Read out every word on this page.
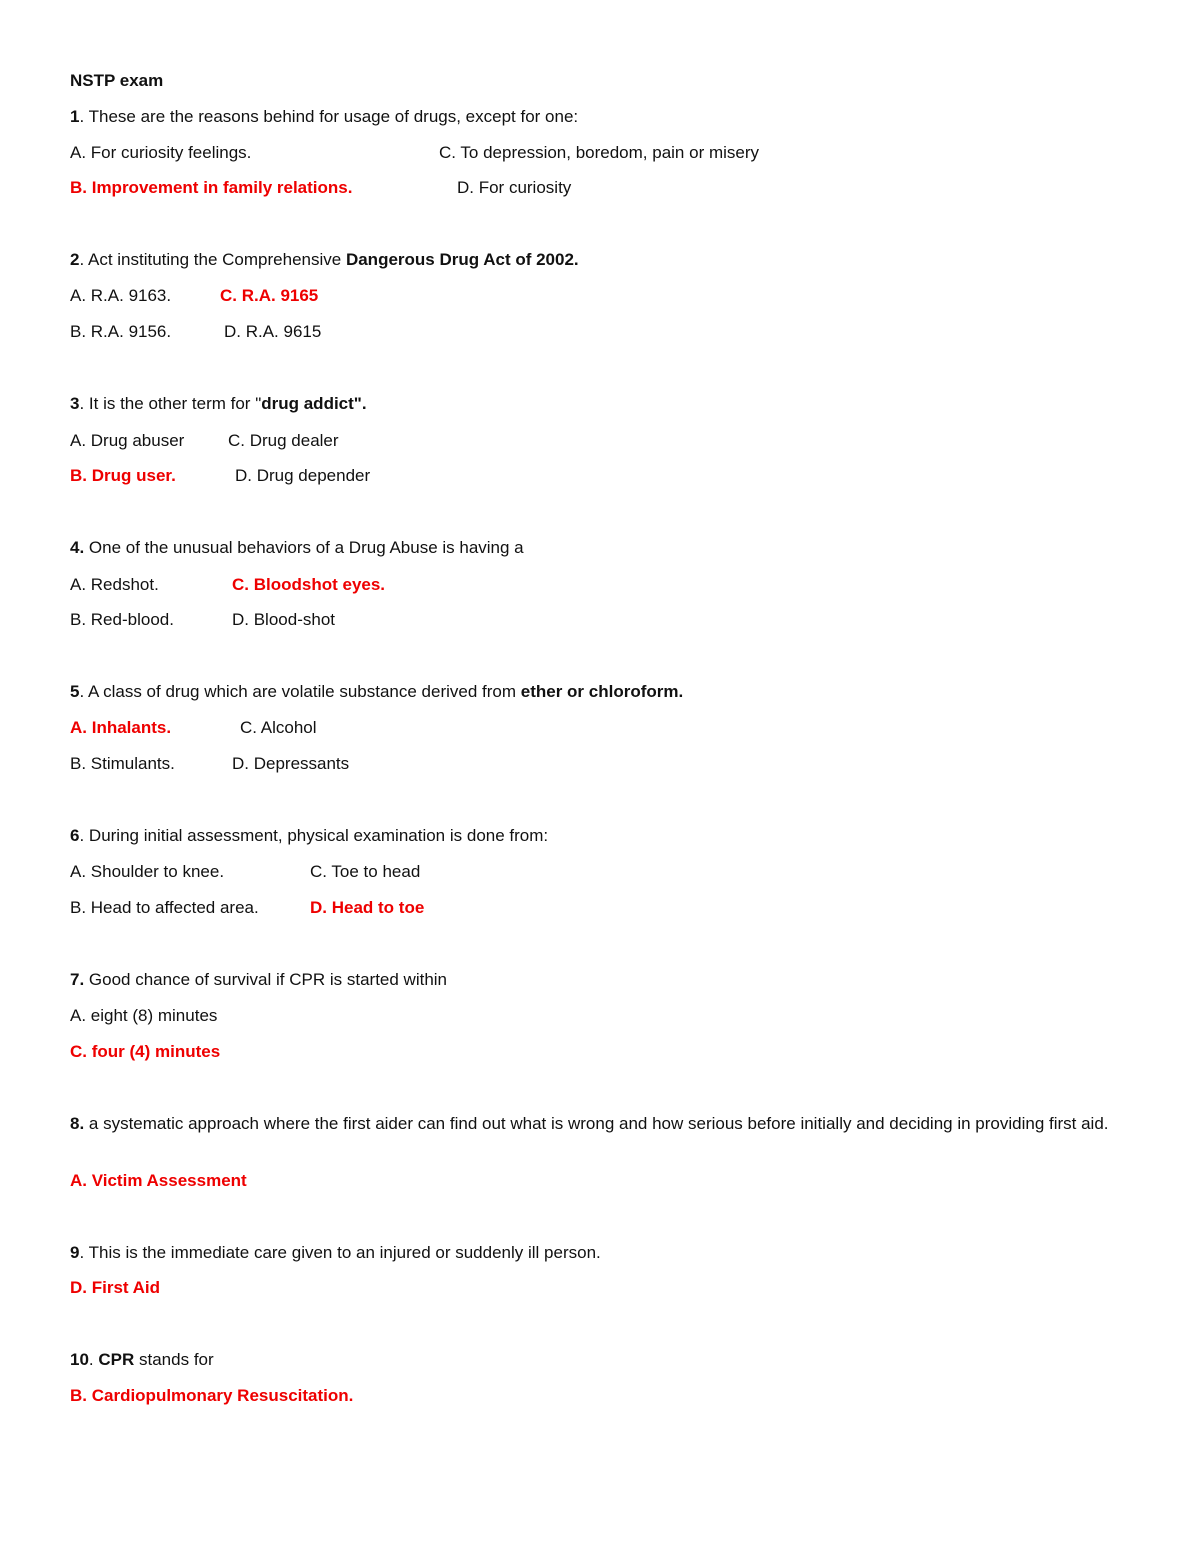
NSTP exam
1. These are the reasons behind for usage of drugs, except for one:
A. For curiosity feelings.	C. To depression, boredom, pain or misery
B. Improvement in family relations.	D. For curiosity
2. Act instituting the Comprehensive Dangerous Drug Act of 2002.
A. R.A. 9163.	C. R.A. 9165
B. R.A. 9156.	D. R.A. 9615
3. It is the other term for "drug addict".
A. Drug abuser	C. Drug dealer
B. Drug user.	D. Drug depender
4. One of the unusual behaviors of a Drug Abuse is having a
A. Redshot.	C. Bloodshot eyes.
B. Red-blood.	D. Blood-shot
5. A class of drug which are volatile substance derived from ether or chloroform.
A. Inhalants.	C. Alcohol
B. Stimulants.	D. Depressants
6. During initial assessment, physical examination is done from:
A. Shoulder to knee.	C. Toe to head
B. Head to affected area.	D. Head to toe
7. Good chance of survival if CPR is started within
A. eight (8) minutes
C. four (4) minutes
8. a systematic approach where the first aider can find out what is wrong and how serious before initially and deciding in providing first aid.
A. Victim Assessment
9. This is the immediate care given to an injured or suddenly ill person.
D. First Aid
10. CPR stands for
B. Cardiopulmonary Resuscitation.
